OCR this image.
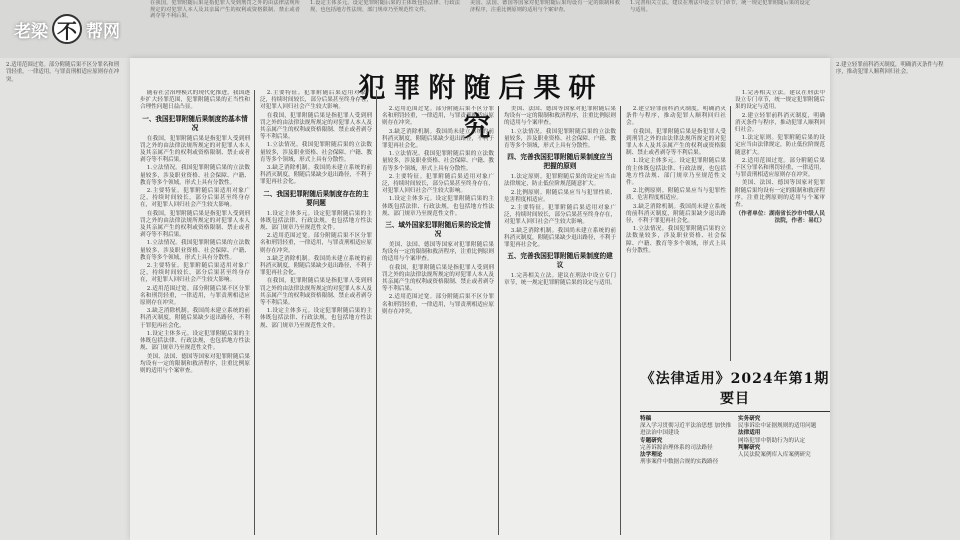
在我国，犯罪附随后果是指犯罪人受到刑罚之外的由法律法规所规定的对犯罪人本人及其亲属产生的权利或资格限制、禁止或者剥夺等不利后果。
1.设定主体多元。设定犯罪附随后果的主体既包括法律、行政法规，也包括地方性法规、部门规章乃至规范性文件。
美国、法国、德国等国家对犯罪附随后果均设有一定的限制和救济程序，注重比例原则的适用与个案审查。
1.完善相关立法。建议在刑法中设立专门章节，统一规定犯罪附随后果的设定与适用。
老梁 不 帮网
2.适用范围过宽。部分附随后果不区分罪名和刑罚轻重，一律适用，与罪责刑相适应原则存在冲突。
2.建立轻罪前科消灭制度，明确消灭条件与程序，推动犯罪人顺利回归社会。
犯罪附随后果研究

随着社会治理模式的现代化推进，我国逐步扩大轻罪范围，犯罪附随后果的正当性和合理性问题日益凸显。

一、我国犯罪附随后果制度的基本情况

在我国，犯罪附随后果是指犯罪人受到刑罚之外的由法律法规所规定的对犯罪人本人及其亲属产生的权利或资格限制、禁止或者剥夺等不利后果。

1.立法情况。我国犯罪附随后果的立法数量较多，涉及职业资格、社会保障、户籍、教育等多个领域，形式上具有分散性。

2.主要特征。犯罪附随后果适用对象广泛，持续时间较长，部分后果甚至终身存在，对犯罪人回归社会产生较大影响。

在我国，犯罪附随后果是指犯罪人受到刑罚之外的由法律法规所规定的对犯罪人本人及其亲属产生的权利或资格限制、禁止或者剥夺等不利后果。

1.立法情况。我国犯罪附随后果的立法数量较多，涉及职业资格、社会保障、户籍、教育等多个领域，形式上具有分散性。

2.主要特征。犯罪附随后果适用对象广泛，持续时间较长，部分后果甚至终身存在，对犯罪人回归社会产生较大影响。

2.适用范围过宽。部分附随后果不区分罪名和刑罚轻重，一律适用，与罪责刑相适应原则存在冲突。

3.缺乏消除机制。我国尚未建立系统的前科消灭制度，附随后果缺少退出路径，不利于罪犯再社会化。

1.设定主体多元。设定犯罪附随后果的主体既包括法律、行政法规，也包括地方性法规、部门规章乃至规范性文件。

美国、法国、德国等国家对犯罪附随后果均设有一定的限制和救济程序，注重比例原则的适用与个案审查。

2.主要特征。犯罪附随后果适用对象广泛，持续时间较长，部分后果甚至终身存在，对犯罪人回归社会产生较大影响。

在我国，犯罪附随后果是指犯罪人受到刑罚之外的由法律法规所规定的对犯罪人本人及其亲属产生的权利或资格限制、禁止或者剥夺等不利后果。

1.立法情况。我国犯罪附随后果的立法数量较多，涉及职业资格、社会保障、户籍、教育等多个领域，形式上具有分散性。

3.缺乏消除机制。我国尚未建立系统的前科消灭制度，附随后果缺少退出路径，不利于罪犯再社会化。

二、我国犯罪附随后果制度存在的主要问题

1.设定主体多元。设定犯罪附随后果的主体既包括法律、行政法规，也包括地方性法规、部门规章乃至规范性文件。

2.适用范围过宽。部分附随后果不区分罪名和刑罚轻重，一律适用，与罪责刑相适应原则存在冲突。

3.缺乏消除机制。我国尚未建立系统的前科消灭制度，附随后果缺少退出路径，不利于罪犯再社会化。

在我国，犯罪附随后果是指犯罪人受到刑罚之外的由法律法规所规定的对犯罪人本人及其亲属产生的权利或资格限制、禁止或者剥夺等不利后果。

1.设定主体多元。设定犯罪附随后果的主体既包括法律、行政法规，也包括地方性法规、部门规章乃至规范性文件。

2.适用范围过宽。部分附随后果不区分罪名和刑罚轻重，一律适用，与罪责刑相适应原则存在冲突。

3.缺乏消除机制。我国尚未建立系统的前科消灭制度，附随后果缺少退出路径，不利于罪犯再社会化。

1.立法情况。我国犯罪附随后果的立法数量较多，涉及职业资格、社会保障、户籍、教育等多个领域，形式上具有分散性。

2.主要特征。犯罪附随后果适用对象广泛，持续时间较长，部分后果甚至终身存在，对犯罪人回归社会产生较大影响。

1.设定主体多元。设定犯罪附随后果的主体既包括法律、行政法规，也包括地方性法规、部门规章乃至规范性文件。

三、域外国家犯罪附随后果的设定情况

美国、法国、德国等国家对犯罪附随后果均设有一定的限制和救济程序，注重比例原则的适用与个案审查。

在我国，犯罪附随后果是指犯罪人受到刑罚之外的由法律法规所规定的对犯罪人本人及其亲属产生的权利或资格限制、禁止或者剥夺等不利后果。

2.适用范围过宽。部分附随后果不区分罪名和刑罚轻重，一律适用，与罪责刑相适应原则存在冲突。

美国、法国、德国等国家对犯罪附随后果均设有一定的限制和救济程序，注重比例原则的适用与个案审查。

1.立法情况。我国犯罪附随后果的立法数量较多，涉及职业资格、社会保障、户籍、教育等多个领域，形式上具有分散性。

四、完善我国犯罪附随后果制度应当把握的原则

1.法定原则。犯罪附随后果的设定应当由法律规定，防止低位阶规范随意扩大。

2.比例原则。附随后果应当与犯罪性质、危害程度相适应。

2.主要特征。犯罪附随后果适用对象广泛，持续时间较长，部分后果甚至终身存在，对犯罪人回归社会产生较大影响。

3.缺乏消除机制。我国尚未建立系统的前科消灭制度，附随后果缺少退出路径，不利于罪犯再社会化。

五、完善我国犯罪附随后果制度的建议

1.完善相关立法。建议在刑法中设立专门章节，统一规定犯罪附随后果的设定与适用。

2.建立轻罪前科消灭制度，明确消灭条件与程序，推动犯罪人顺利回归社会。

在我国，犯罪附随后果是指犯罪人受到刑罚之外的由法律法规所规定的对犯罪人本人及其亲属产生的权利或资格限制、禁止或者剥夺等不利后果。

1.设定主体多元。设定犯罪附随后果的主体既包括法律、行政法规，也包括地方性法规、部门规章乃至规范性文件。

2.比例原则。附随后果应当与犯罪性质、危害程度相适应。

3.缺乏消除机制。我国尚未建立系统的前科消灭制度，附随后果缺少退出路径，不利于罪犯再社会化。

1.立法情况。我国犯罪附随后果的立法数量较多，涉及职业资格、社会保障、户籍、教育等多个领域，形式上具有分散性。

1.完善相关立法。建议在刑法中设立专门章节，统一规定犯罪附随后果的设定与适用。

2.建立轻罪前科消灭制度，明确消灭条件与程序，推动犯罪人顺利回归社会。

1.法定原则。犯罪附随后果的设定应当由法律规定，防止低位阶规范随意扩大。

2.适用范围过宽。部分附随后果不区分罪名和刑罚轻重，一律适用，与罪责刑相适应原则存在冲突。

美国、法国、德国等国家对犯罪附随后果均设有一定的限制和救济程序，注重比例原则的适用与个案审查。

（作者单位：湖南省长沙市中级人民法院，作者：易红）
《法律适用》2024年第1期要目
特稿
深入学习贯彻习近平法治思想 加快推进法治中国建设
专题研究
完善诉源治理体系的司法路径
法学理论
刑事案件中数据合规的实践路径
实务研究
民事诉讼中证据规则的适用问题
法律适用
网络犯罪中帮助行为的认定
判解研究
人民法院案例库入库案例研究
